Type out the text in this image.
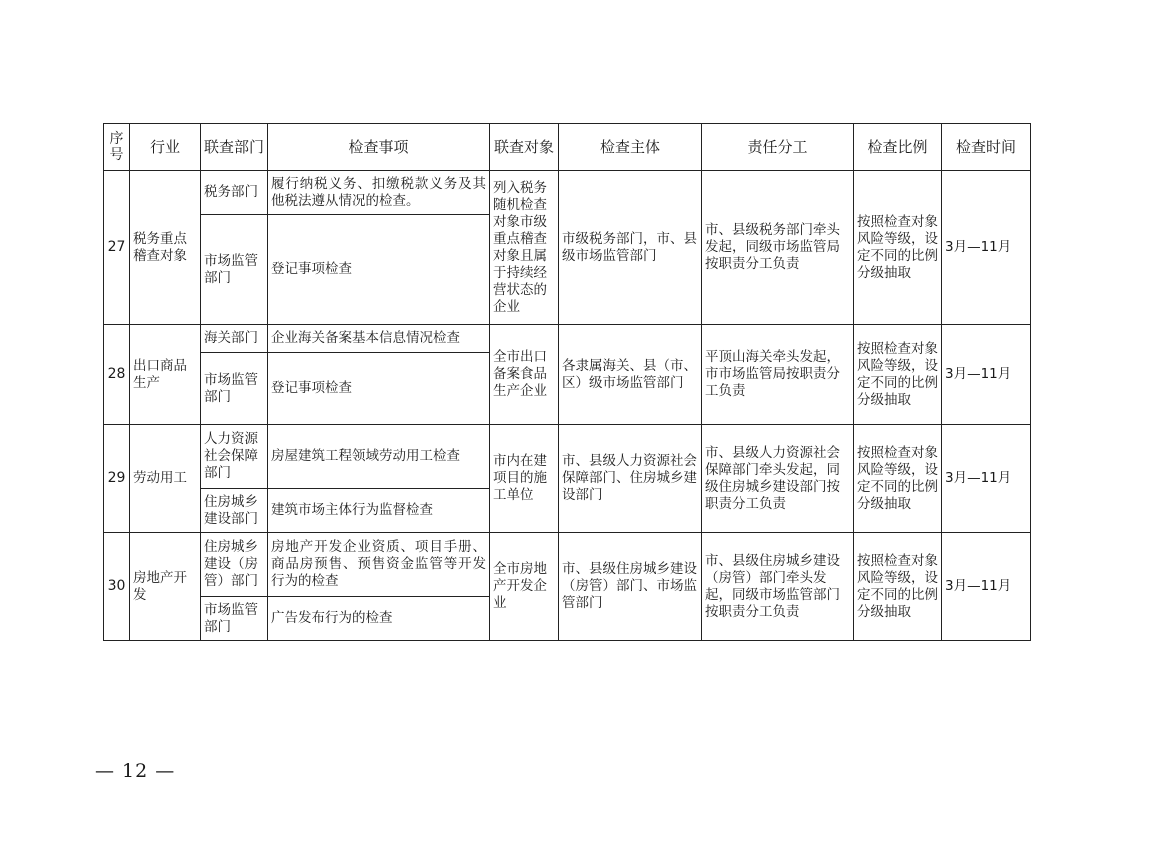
序号	行业	联查部门	检查事项	联查对象	检查主体	责任分工	检查比例	检查时间
27	税务重点稽查对象	税务部门	履行纳税义务、扣缴税款义务及其他税法遵从情况的检查。	列入税务随机检查对象市级重点稽查对象且属于持续经营状态的企业	市级税务部门，市、县级市场监管部门	市、县级税务部门牵头发起，同级市场监管局按职责分工负责	按照检查对象风险等级，设定不同的比例分级抽取	3月—11月
		市场监管部门	登记事项检查					
28	出口商品生产	海关部门	企业海关备案基本信息情况检查	全市出口备案食品生产企业	各隶属海关、县（市、区）级市场监管部门	平顶山海关牵头发起，市市场监管局按职责分工负责	按照检查对象风险等级，设定不同的比例分级抽取	3月—11月
		市场监管部门	登记事项检查					
29	劳动用工	人力资源社会保障部门	房屋建筑工程领域劳动用工检查	市内在建项目的施工单位	市、县级人力资源社会保障部门、住房城乡建设部门	市、县级人力资源社会保障部门牵头发起，同级住房城乡建设部门按职责分工负责	按照检查对象风险等级，设定不同的比例分级抽取	3月—11月
		住房城乡建设部门	建筑市场主体行为监督检查					
30	房地产开发	住房城乡建设（房管）部门	房地产开发企业资质、项目手册、商品房预售、预售资金监管等开发行为的检查	全市房地产开发企业	市、县级住房城乡建设（房管）部门、市场监管部门	市、县级住房城乡建设（房管）部门牵头发起，同级市场监管部门按职责分工负责	按照检查对象风险等级，设定不同的比例分级抽取	3月—11月
		市场监管部门	广告发布行为的检查					
— 12 —
